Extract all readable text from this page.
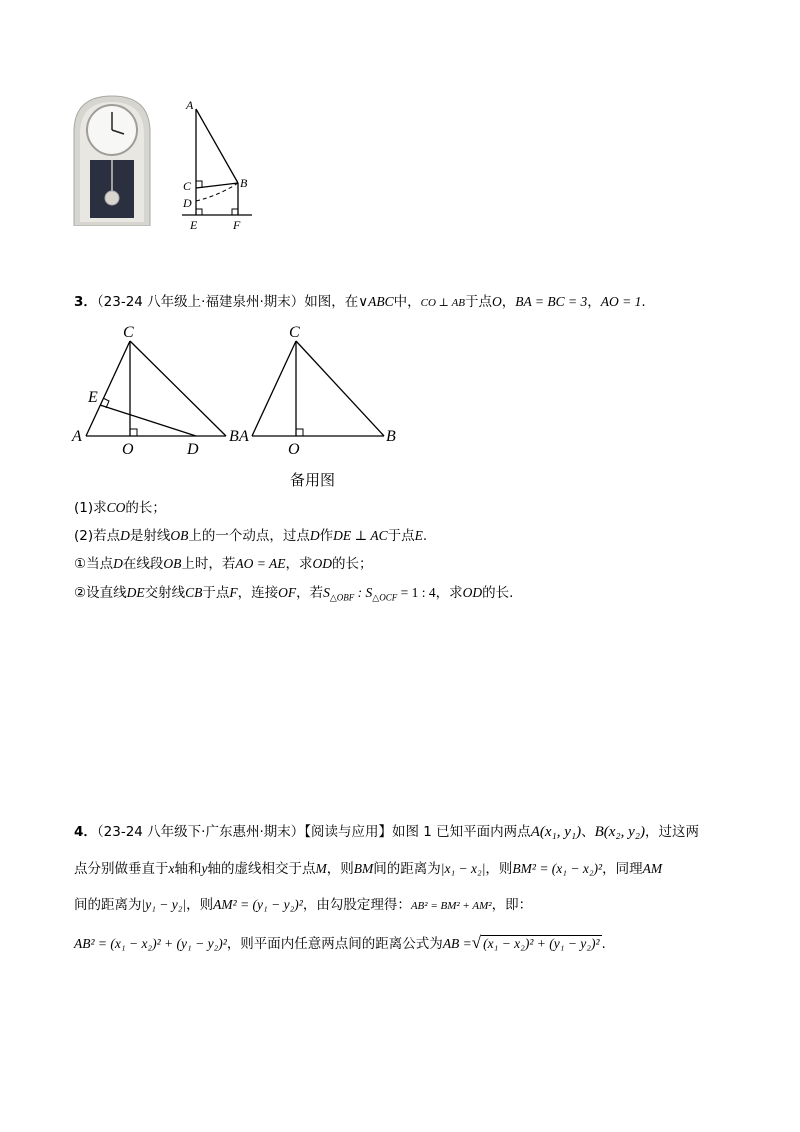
A
C	B
D
E	F
3．（23-24 八年级上·福建泉州·期末）如图，在∨ABC中，CO ⊥ AB于点O，BA = BC = 3，AO = 1.
C
E
A
O	D
B
C
A
O
B
备用图
(1)求CO的长；
(2)若点D是射线OB上的一个动点，过点D作DE ⊥ AC于点E.
①当点D在线段OB上时，若AO = AE，求OD的长；
②设直线DE交射线CB于点F，连接OF，若$S_{\triangle OBF}$ : $S_{\triangle OCF} = 1$ : 4，求OD的长.
4．（23-24 八年级下·广东惠州·期末）【阅读与应用】如图 1 已知平面内两点A(x₁, y₁)、B(x₂, y₂)，过这两
点分别做垂直于x轴和y轴的虚线相交于点M，则BM间的距离为|x₁ − x₂|，则BM² = (x₁ − x₂)²，同理AM
间的距离为|y₁ − y₂|，则AM² = (y₁ − y₂)²，由勾股定理得：AB² = BM² + AM²，即：
AB² = (x₁ − x₂)² + (y₁ − y₂)²，则平面内任意两点间的距离公式为AB =√ (x₁ − x₂)² + (y₁ − y₂)² .
